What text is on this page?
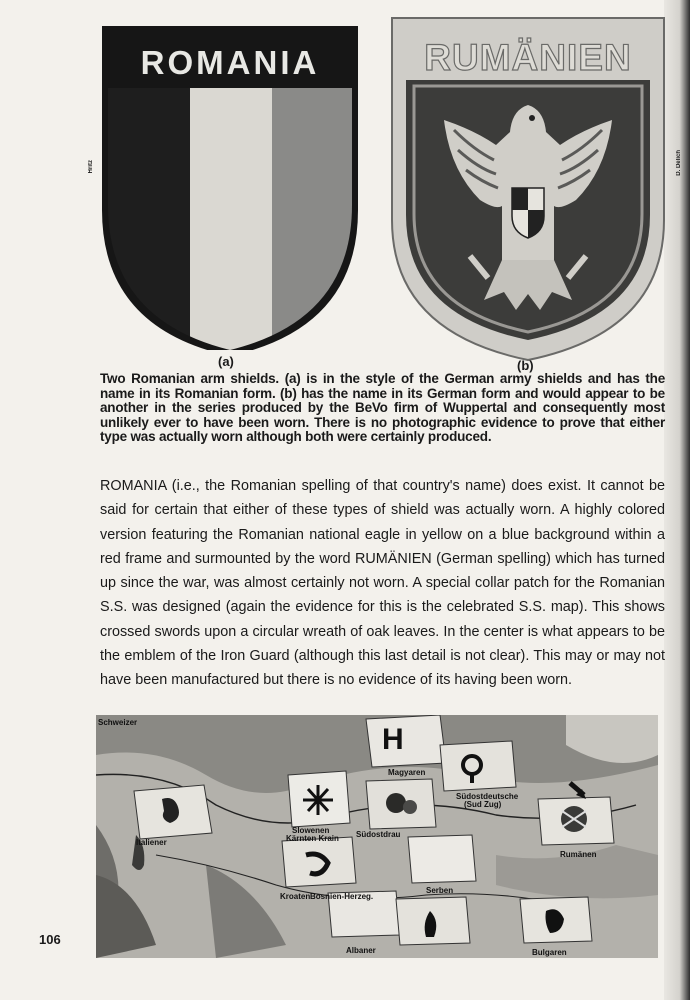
ROMANIA
Hritz
(a)
RUMÄNIEN
D. Delich
(b)
Two Romanian arm shields. (a) is in the style of the German army shields and has the name in its Romanian form. (b) has the name in its German form and would appear to be another in the series produced by the BeVo firm of Wuppertal and consequently most unlikely ever to have been worn. There is no photographic evidence to prove that either type was actually worn although both were certainly produced.

ROMANIA (i.e., the Romanian spelling of that country's name) does exist. It cannot be said for certain that either of these types of shield was actually worn. A highly colored version featuring the Romanian national eagle in yellow on a blue background within a red frame and surmounted by the word RUMÄNIEN (German spelling) which has turned up since the war, was almost certainly not worn. A special collar patch for the Romanian S.S. was designed (again the evidence for this is the celebrated S.S. map). This shows crossed swords upon a circular wreath of oak leaves. In the center is what appears to be the emblem of the Iron Guard (although this last detail is not clear). This may or may not have been manufactured but there is no evidence of its having been worn.

H
Schweizer
Italiener
Slowenen
Kärnten Krain
Magyaren
Südostdeutsche
(Sud Zug)
Südostdrau
Rumänen
Kroaten Bosnien-Herzeg.
Serben
Albaner	Bulgaren
106
